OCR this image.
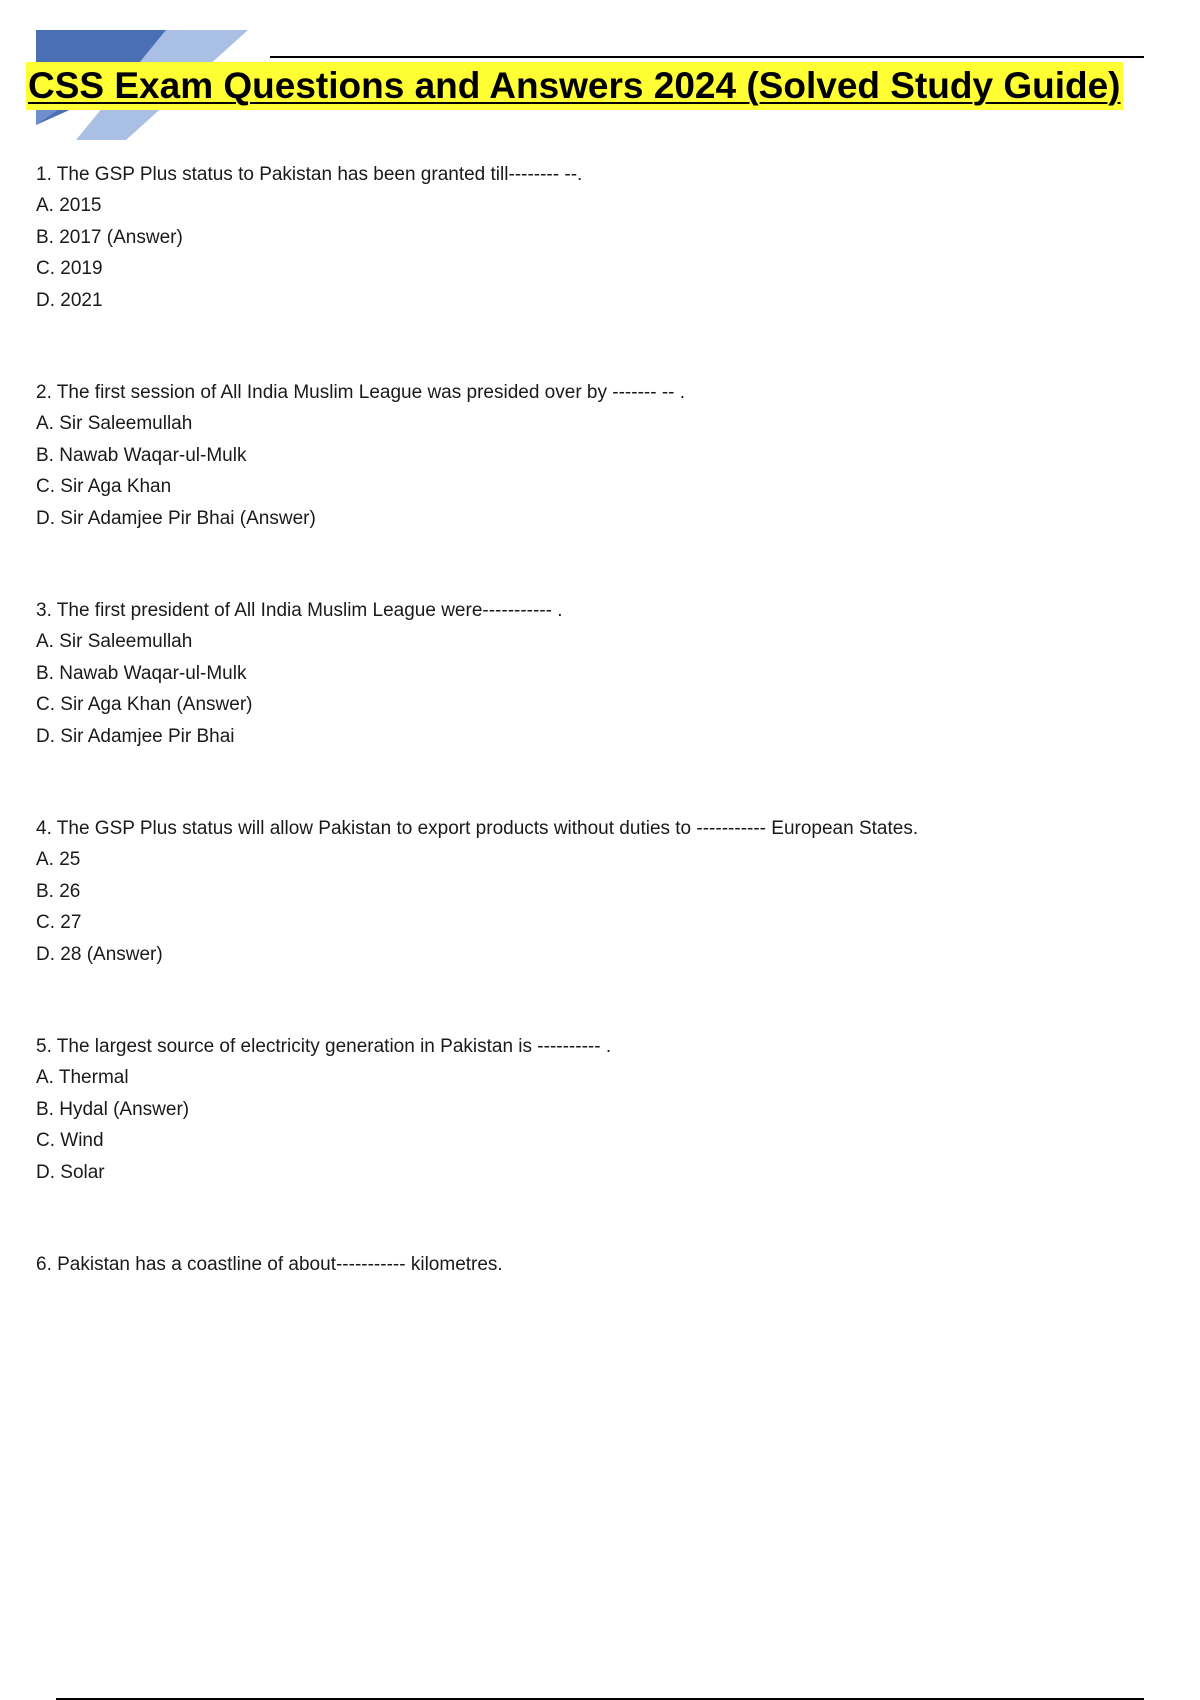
CSS Exam Questions and Answers 2024 (Solved Study Guide)

1. The GSP Plus status to Pakistan has been granted till-------- --.

A. 2015
B. 2017 (Answer)
C. 2019
D. 2021

2. The first session of All India Muslim League was presided over by ------- -- .

A. Sir Saleemullah
B. Nawab Waqar-ul-Mulk
C. Sir Aga Khan
D. Sir Adamjee Pir Bhai (Answer)

3. The first president of All India Muslim League were----------- .

A. Sir Saleemullah
B. Nawab Waqar-ul-Mulk
C. Sir Aga Khan (Answer)
D. Sir Adamjee Pir Bhai

4. The GSP Plus status will allow Pakistan to export products without duties to ----------- European States.

A. 25
B. 26
C. 27
D. 28 (Answer)

5. The largest source of electricity generation in Pakistan is ---------- .

A. Thermal
B. Hydal (Answer)
C. Wind
D. Solar

6. Pakistan has a coastline of about----------- kilometres.
